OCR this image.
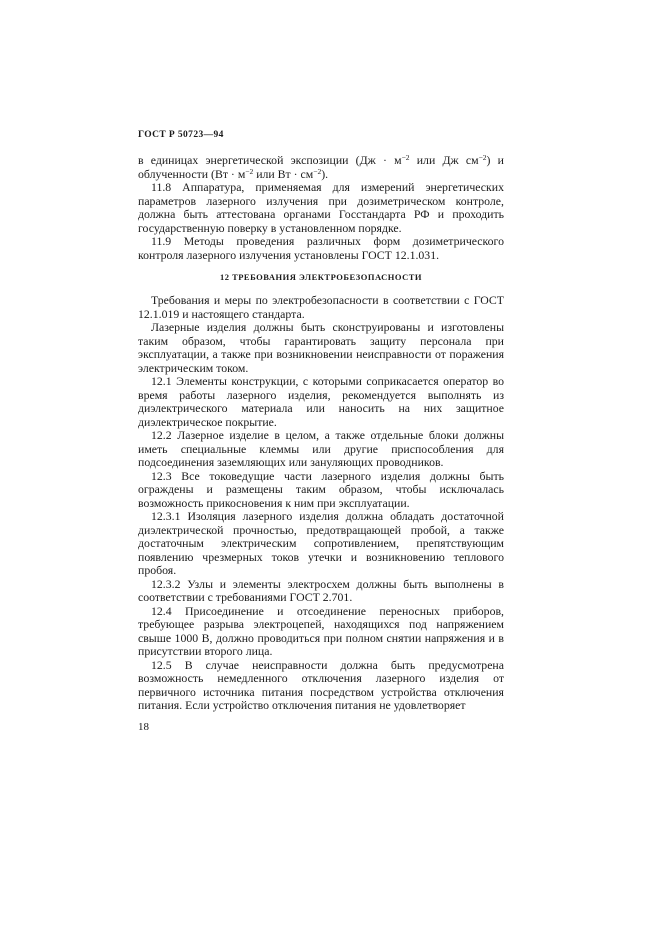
ГОСТ Р 50723—94

в единицах энергетической экспозиции ($Дж \cdot м^{-2}$ или Дж $см^{-2}$) и облученности ($Вт \cdot м^{-2}$ или Вт · $см^{-2}$).

11.8 Аппаратура, применяемая для измерений энергетических параметров лазерного излучения при дозиметрическом контроле, должна быть аттестована органами Госстандарта РФ и проходить государственную поверку в установленном порядке.

11.9 Методы проведения различных форм дозиметрического контроля лазерного излучения установлены ГОСТ 12.1.031.

12 ТРЕБОВАНИЯ ЭЛЕКТРОБЕЗОПАСНОСТИ

Требования и меры по электробезопасности в соответствии с ГОСТ 12.1.019 и настоящего стандарта.

Лазерные изделия должны быть сконструированы и изготовлены таким образом, чтобы гарантировать защиту персонала при эксплуатации, а также при возникновении неисправности от поражения электрическим током.

12.1 Элементы конструкции, с которыми соприкасается оператор во время работы лазерного изделия, рекомендуется выполнять из диэлектрического материала или наносить на них защитное диэлектрическое покрытие.

12.2 Лазерное изделие в целом, а также отдельные блоки должны иметь специальные клеммы или другие приспособления для подсоединения заземляющих или зануляющих проводников.

12.3 Все токоведущие части лазерного изделия должны быть ограждены и размещены таким образом, чтобы исключалась возможность прикосновения к ним при эксплуатации.

12.3.1 Изоляция лазерного изделия должна обладать достаточной диэлектрической прочностью, предотвращающей пробой, а также достаточным электрическим сопротивлением, препятствующим появлению чрезмерных токов утечки и возникновению теплового пробоя.

12.3.2 Узлы и элементы электросхем должны быть выполнены в соответствии с требованиями ГОСТ 2.701.

12.4 Присоединение и отсоединение переносных приборов, требующее разрыва электроцепей, находящихся под напряжением свыше 1000 В, должно проводиться при полном снятии напряжения и в присутствии второго лица.

12.5 В случае неисправности должна быть предусмотрена возможность немедленного отключения лазерного изделия от первичного источника питания посредством устройства отключения питания. Если устройство отключения питания не удовлетворяет

18
